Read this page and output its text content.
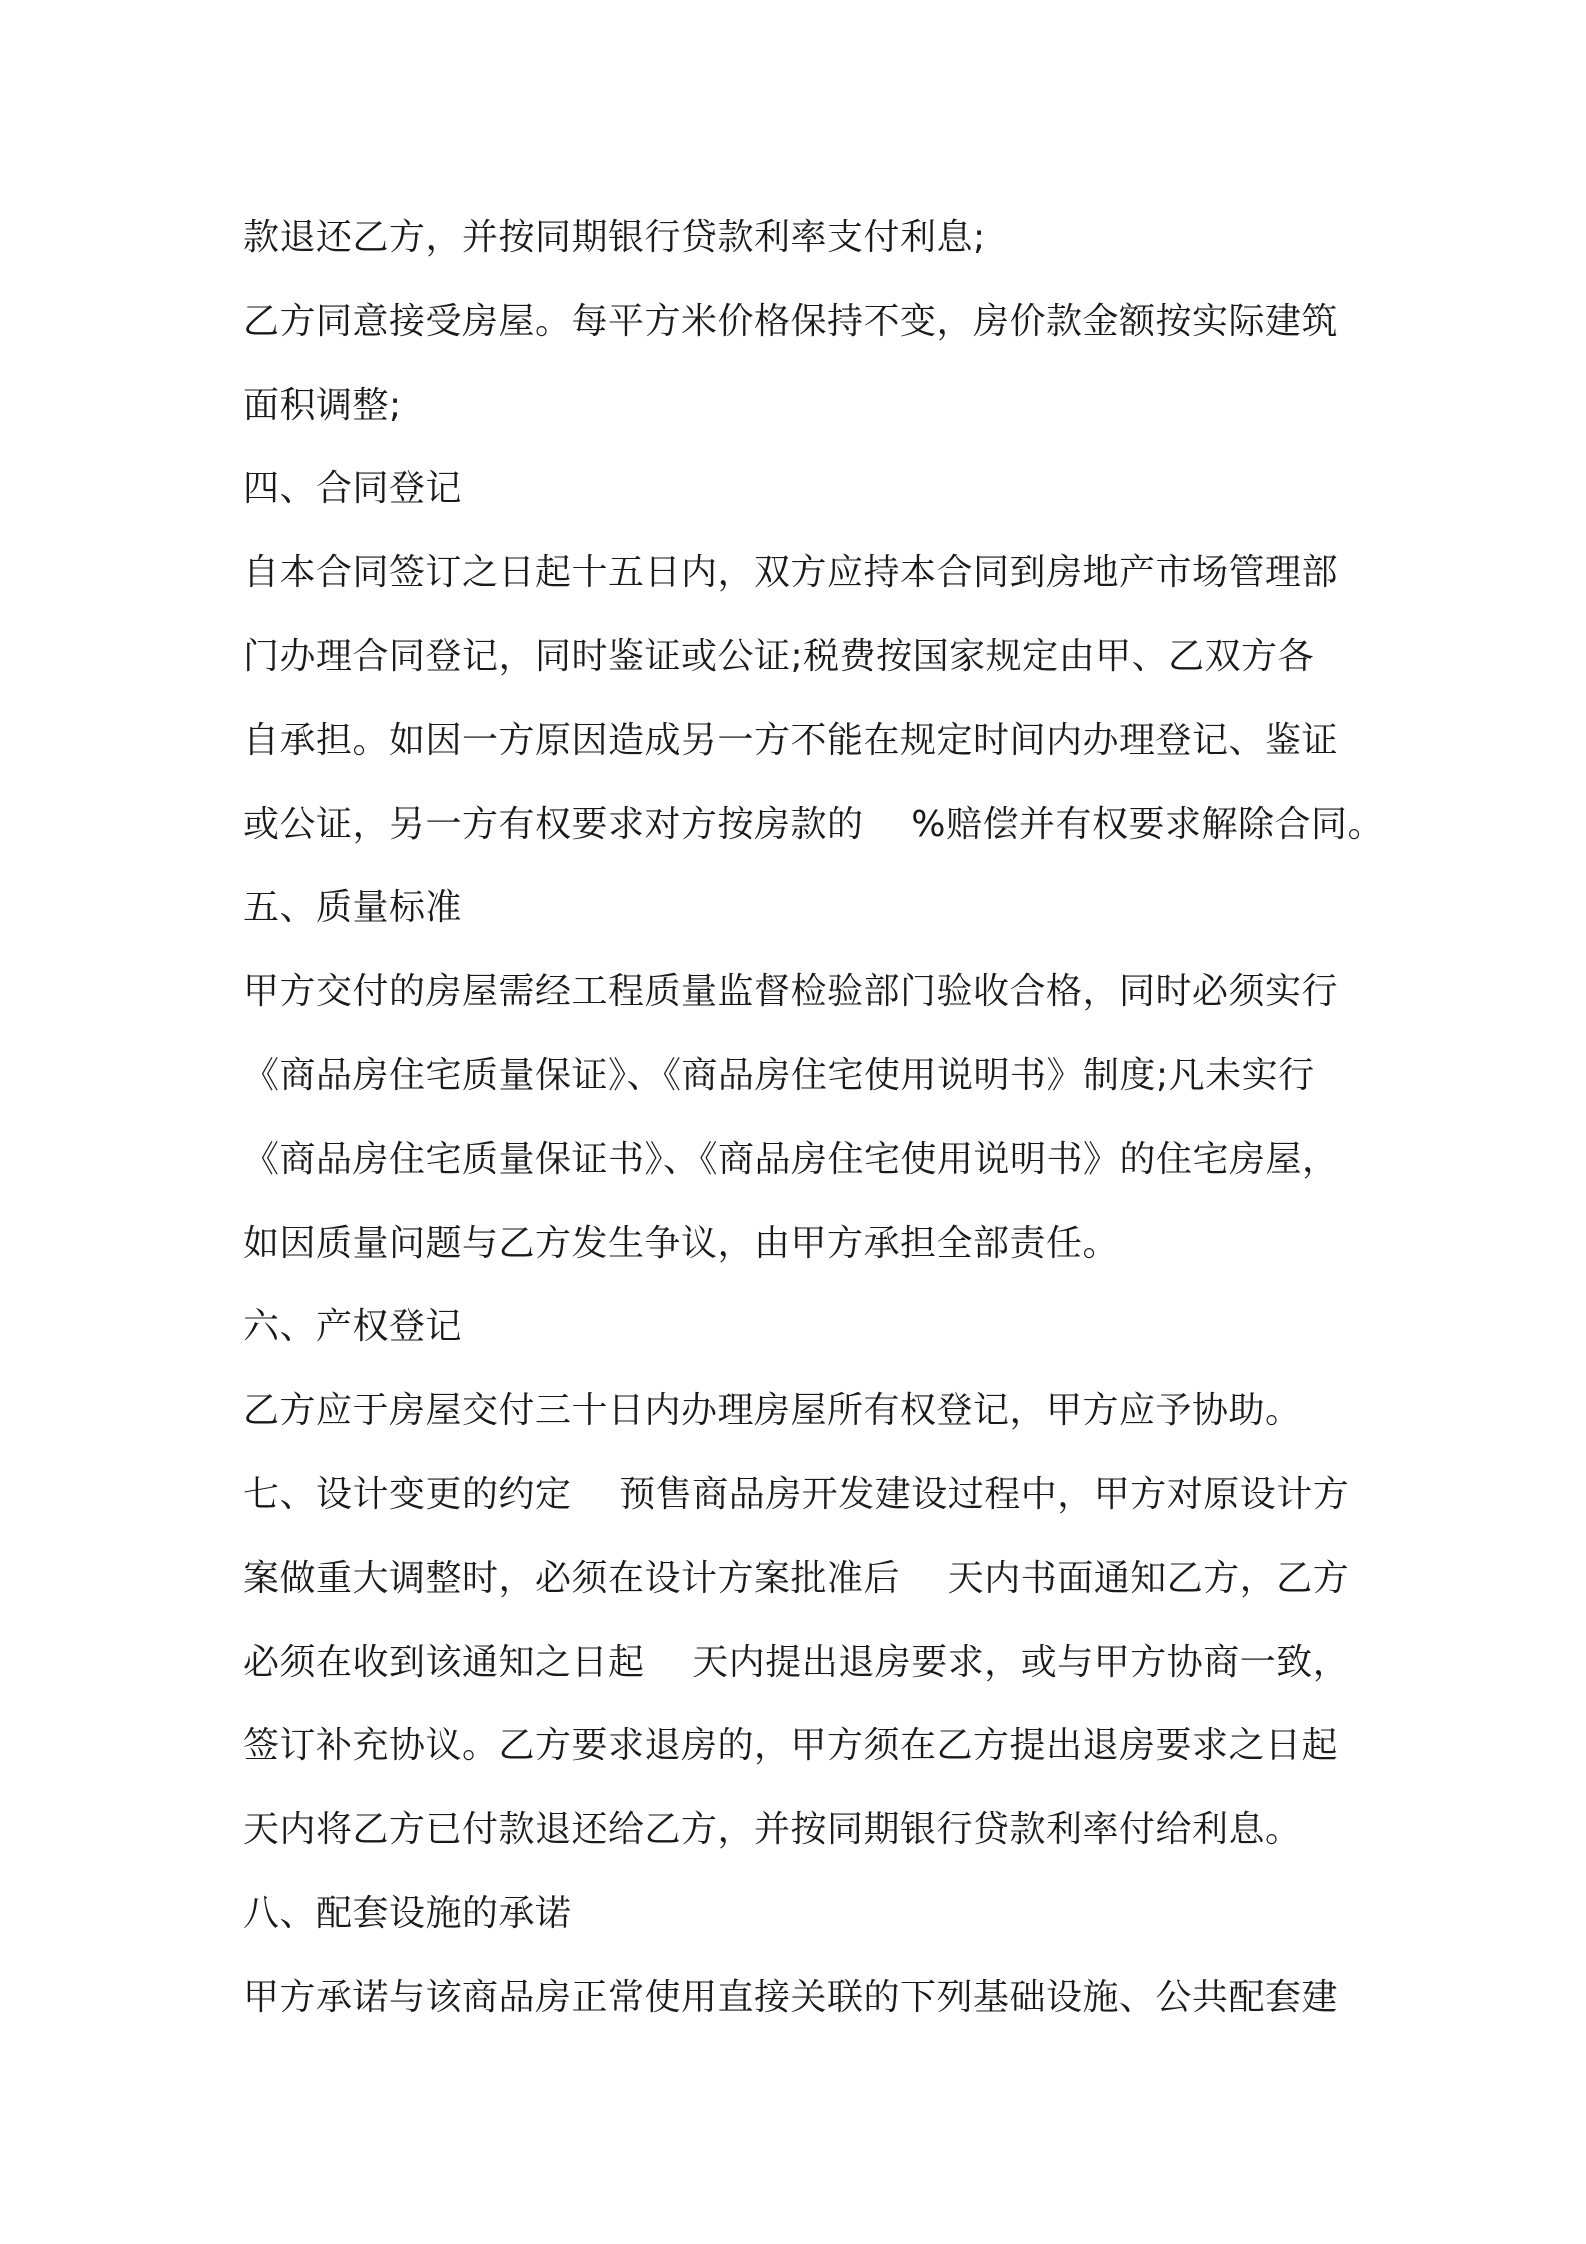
款退还乙方，并按同期银行贷款利率支付利息;
乙方同意接受房屋。每平方米价格保持不变，房价款金额按实际建筑
面积调整;
四、合同登记
自本合同签订之日起十五日内，双方应持本合同到房地产市场管理部
门办理合同登记，同时鉴证或公证;税费按国家规定由甲、乙双方各
自承担。如因一方原因造成另一方不能在规定时间内办理登记、鉴证
或公证，另一方有权要求对方按房款的    %赔偿并有权要求解除合同。
五、质量标准
甲方交付的房屋需经工程质量监督检验部门验收合格，同时必须实行
《商品房住宅质量保证》、《商品房住宅使用说明书》制度;凡未实行
《商品房住宅质量保证书》、《商品房住宅使用说明书》的住宅房屋，
如因质量问题与乙方发生争议，由甲方承担全部责任。
六、产权登记
乙方应于房屋交付三十日内办理房屋所有权登记，甲方应予协助。
七、设计变更的约定    预售商品房开发建设过程中，甲方对原设计方
案做重大调整时，必须在设计方案批准后    天内书面通知乙方，乙方
必须在收到该通知之日起    天内提出退房要求，或与甲方协商一致，
签订补充协议。乙方要求退房的，甲方须在乙方提出退房要求之日起
天内将乙方已付款退还给乙方，并按同期银行贷款利率付给利息。
八、配套设施的承诺
甲方承诺与该商品房正常使用直接关联的下列基础设施、公共配套建
